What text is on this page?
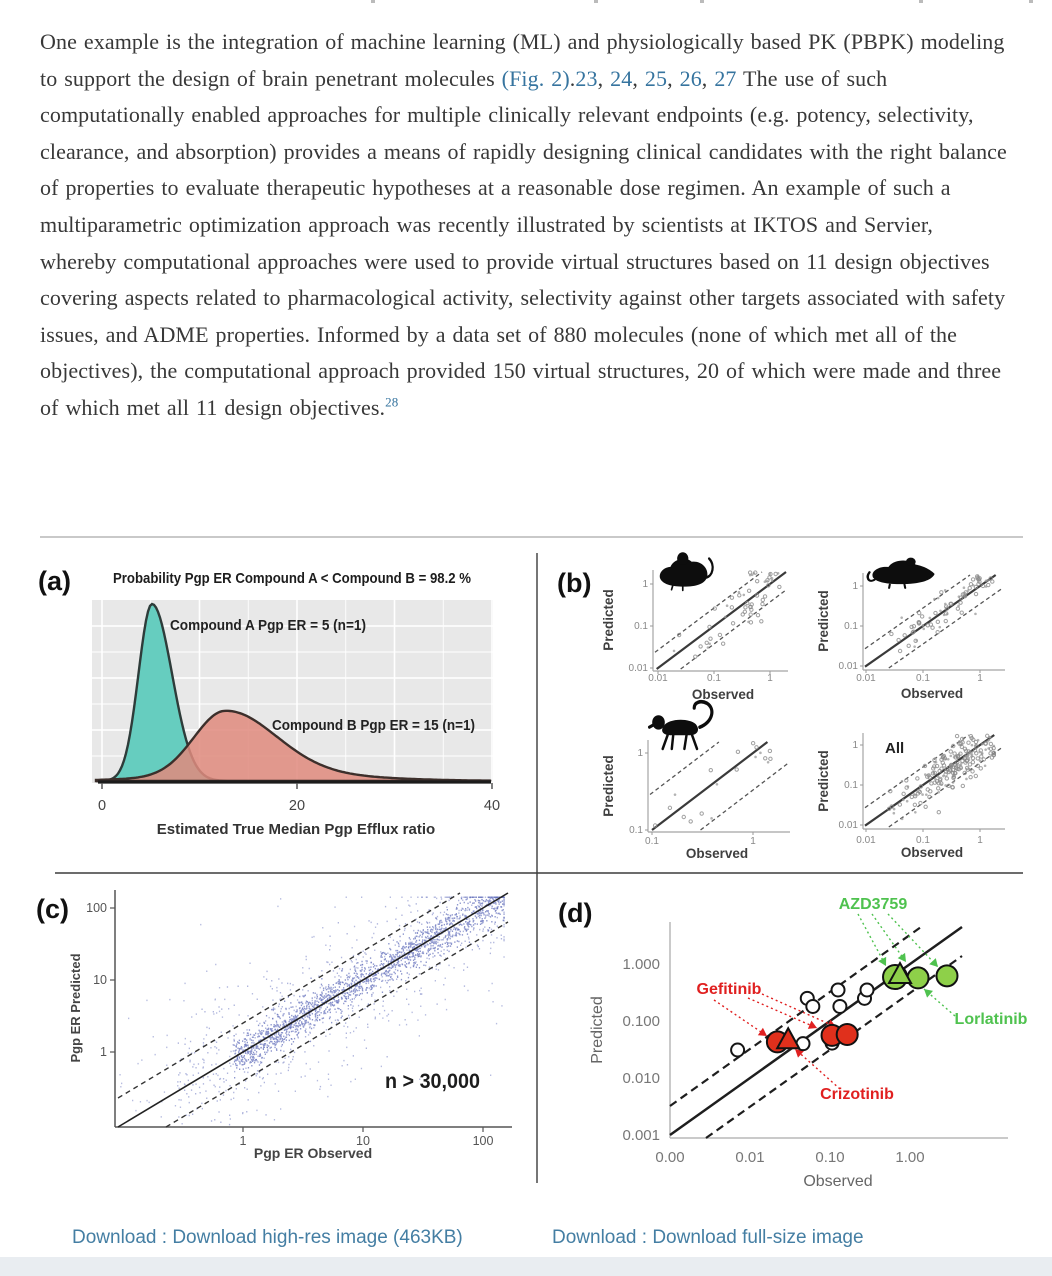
One example is the integration of machine learning (ML) and physiologically based PK (PBPK) modeling to support the design of brain penetrant molecules (Fig. 2).23, 24, 25, 26, 27 The use of such computationally enabled approaches for multiple clinically relevant endpoints (e.g. potency, selectivity, clearance, and absorption) provides a means of rapidly designing clinical candidates with the right balance of properties to evaluate therapeutic hypotheses at a reasonable dose regimen. An example of such a multiparametric optimization approach was recently illustrated by scientists at IKTOS and Servier, whereby computational approaches were used to provide virtual structures based on 11 design objectives covering aspects related to pharmacological activity, selectivity against other targets associated with safety issues, and ADME properties. Informed by a data set of 880 molecules (none of which met all of the objectives), the computational approach provided 150 virtual structures, 20 of which were made and three of which met all 11 design objectives.$^{28}$

(a)	(b)
(c)	(d)
Probability Pgp ER Compound A < Compound B = 98.2 %
Compound A Pgp ER = 5 (n=1)
Compound B Pgp ER = 15 (n=1)
0	20	40
Estimated True Median Pgp Efflux ratio
0.01	0.1	1
1
0.1
0.01
Observed
Predicted
0.01	0.1	1
1
0.1
0.01
Observed
Predicted
0.1	1
1
0.1
Observed
Predicted
0.01	0.1	1
1
0.1
0.01
Observed
Predicted
All
1	10	100
100
10
1
n > 30,000
Pgp ER Predicted
Pgp ER Observed	0.00	0.01	0.10	1.00
1.000
0.100
0.010
0.001
Observed
Predicted
AZD3759
Gefitinib
Lorlatinib
Crizotinib
Download : Download high-res image (463KB)	Download : Download full-size image
